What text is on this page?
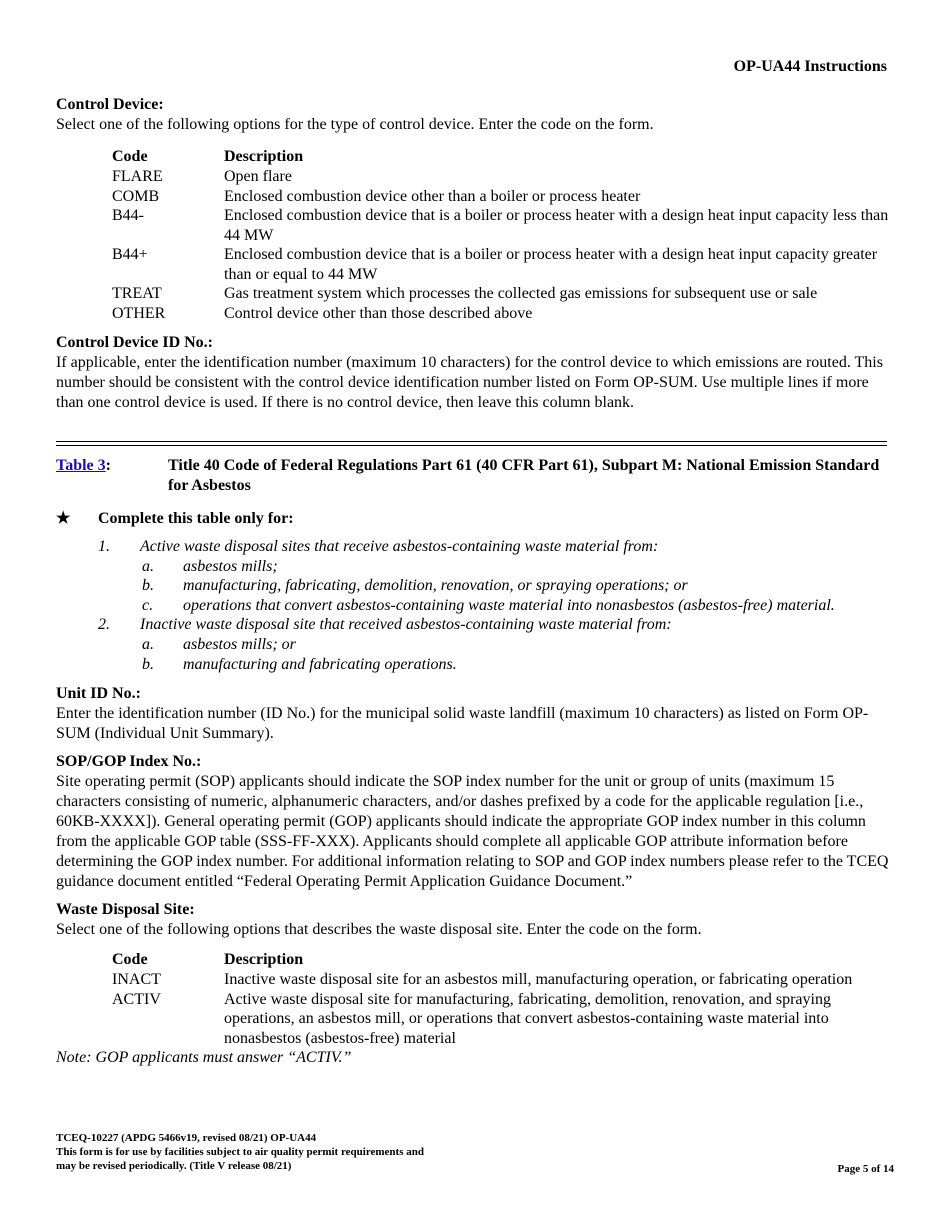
OP-UA44 Instructions
Control Device:
Select one of the following options for the type of control device. Enter the code on the form.
Code	Description
FLARE	Open flare
COMB	Enclosed combustion device other than a boiler or process heater
B44-	Enclosed combustion device that is a boiler or process heater with a design heat input capacity less than 44 MW
B44+	Enclosed combustion device that is a boiler or process heater with a design heat input capacity greater than or equal to 44 MW
TREAT	Gas treatment system which processes the collected gas emissions for subsequent use or sale
OTHER	Control device other than those described above
Control Device ID No.:
If applicable, enter the identification number (maximum 10 characters) for the control device to which emissions are routed. This number should be consistent with the control device identification number listed on Form OP-SUM. Use multiple lines if more than one control device is used. If there is no control device, then leave this column blank.
Table 3:	Title 40 Code of Federal Regulations Part 61 (40 CFR Part 61), Subpart M: National Emission Standard for Asbestos
★ Complete this table only for:
1. Active waste disposal sites that receive asbestos-containing waste material from:
a. asbestos mills;
b. manufacturing, fabricating, demolition, renovation, or spraying operations; or
c. operations that convert asbestos-containing waste material into nonasbestos (asbestos-free) material.
2. Inactive waste disposal site that received asbestos-containing waste material from:
a. asbestos mills; or
b. manufacturing and fabricating operations.

Unit ID No.:

Enter the identification number (ID No.) for the municipal solid waste landfill (maximum 10 characters) as listed on Form OP-SUM (Individual Unit Summary).

SOP/GOP Index No.:

Site operating permit (SOP) applicants should indicate the SOP index number for the unit or group of units (maximum 15 characters consisting of numeric, alphanumeric characters, and/or dashes prefixed by a code for the applicable regulation [i.e., 60KB-XXXX]). General operating permit (GOP) applicants should indicate the appropriate GOP index number in this column from the applicable GOP table (SSS-FF-XXX). Applicants should complete all applicable GOP attribute information before determining the GOP index number. For additional information relating to SOP and GOP index numbers please refer to the TCEQ guidance document entitled “Federal Operating Permit Application Guidance Document.”

Waste Disposal Site:

Select one of the following options that describes the waste disposal site. Enter the code on the form.

Code	Description
INACT	Inactive waste disposal site for an asbestos mill, manufacturing operation, or fabricating operation
ACTIV	Active waste disposal site for manufacturing, fabricating, demolition, renovation, and spraying operations, an asbestos mill, or operations that convert asbestos-containing waste material into nonasbestos (asbestos-free) material

Note: GOP applicants must answer “ACTIV.”

TCEQ-10227 (APDG 5466v19, revised 08/21) OP-UA44
This form is for use by facilities subject to air quality permit requirements and
may be revised periodically. (Title V release 08/21)	Page 5 of 14
